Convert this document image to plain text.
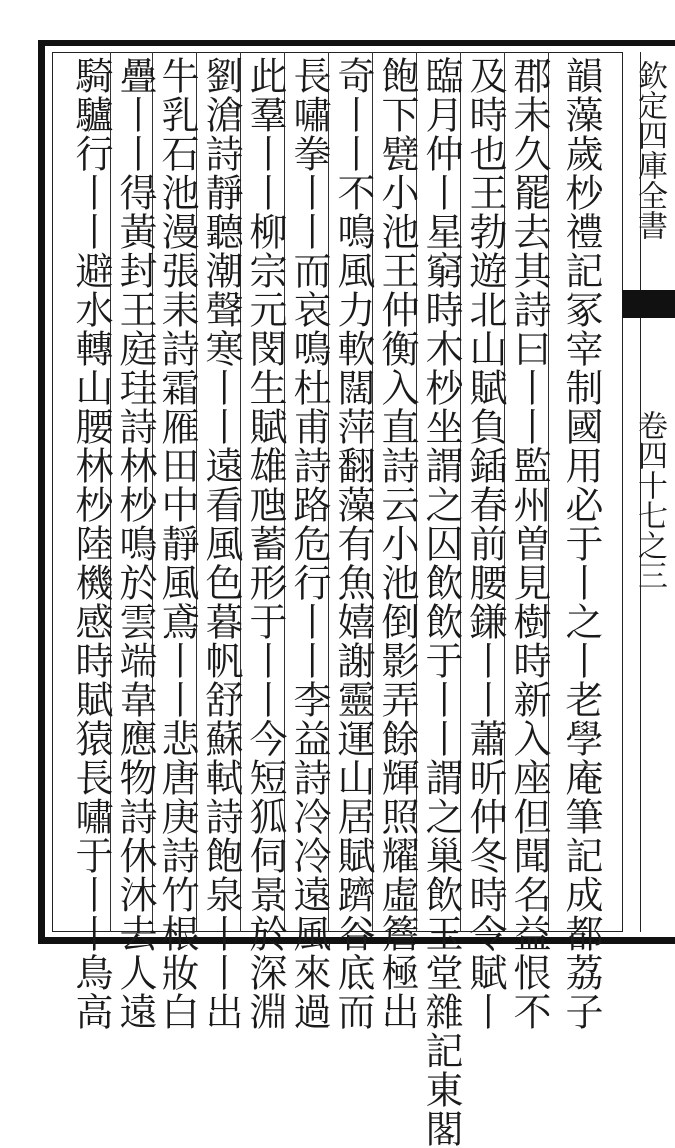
韻藻歲杪禮記冢宰制國用必于丨之丨老學庵筆記成都荔子
郡未久罷去其詩曰丨丨監州曽見樹時新入座但聞名益恨不
及時也王勃遊北山賦負鍤春前腰鎌丨丨蕭昕仲冬時令賦丨
臨月仲丨星窮時木杪坐謂之囚飲飲于丨丨謂之巢飲玉堂雜記東閣
飽下甓小池王仲衡入直詩云小池倒影弄餘輝照耀虛簷極出
奇丨丨不鳴風力軟闊萍翻藻有魚嬉謝靈運山居賦躋谷底而
長嘯拳丨丨而哀鳴杜甫詩路危行丨丨李益詩冷冷遠風來過
此羣丨丨柳宗元閔生賦雄虺蓄形于丨丨今短狐伺景於深淵
劉滄詩靜聽潮聲寒丨丨遠看風色暮帆舒蘇軾詩飽泉丨丨出
牛乳石池漫張耒詩霜雁田中靜風鳶丨丨悲唐庚詩竹根妝白
疊丨丨得黃封王庭珪詩林杪鳴於雲端韋應物詩休沐去人遠
騎驢行丨丨避水轉山腰林杪陸機感時賦猿長嘯于丨丨鳥高	欽定四庫全書
卷四十七之三
